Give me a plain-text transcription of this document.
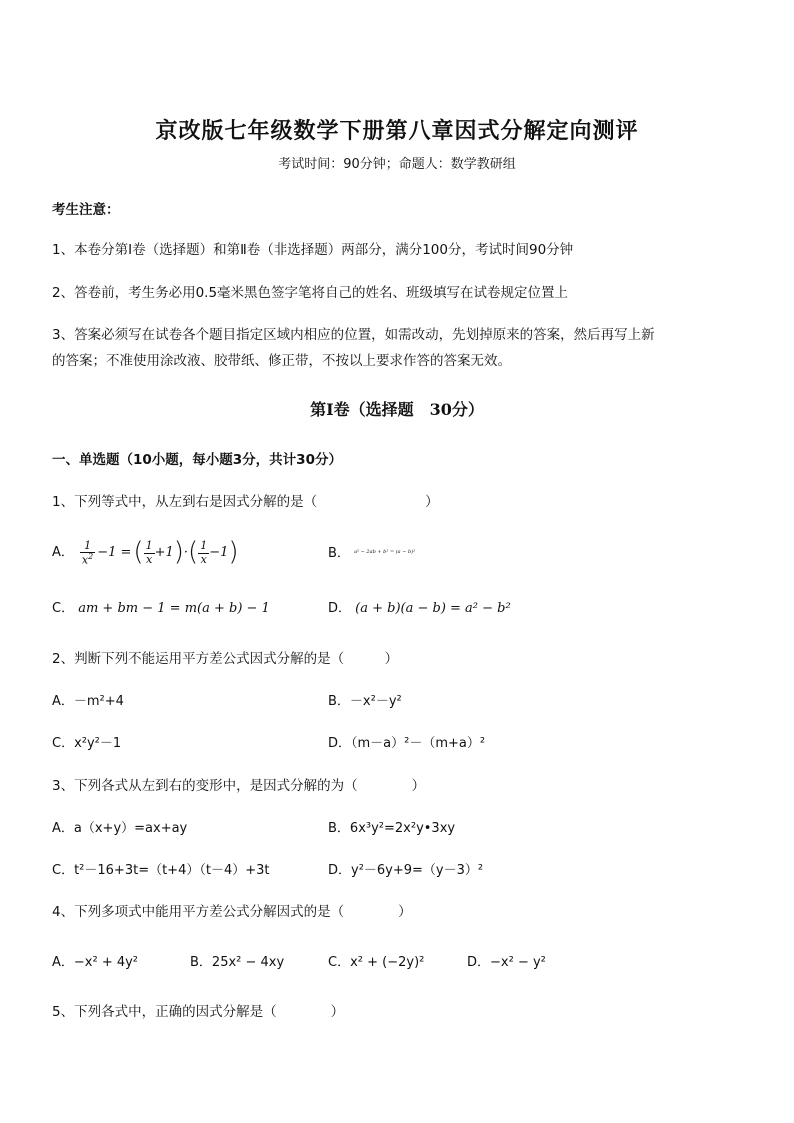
京改版七年级数学下册第八章因式分解定向测评
考试时间：90分钟；命题人：数学教研组
考生注意：
1、本卷分第Ⅰ卷（选择题）和第Ⅱ卷（非选择题）两部分，满分100分，考试时间90分钟
2、答卷前，考生务必用0.5毫米黑色签字笔将自己的姓名、班级填写在试卷规定位置上
3、答案必须写在试卷各个题目指定区域内相应的位置，如需改动，先划掉原来的答案，然后再写上新
的答案；不准使用涂改液、胶带纸、修正带，不按以上要求作答的答案无效。
第Ⅰ卷（选择题　30分）
一、单选题（10小题，每小题3分，共计30分）
1、下列等式中，从左到右是因式分解的是（　　　　　　　　）
A． $\frac{1}{x^2} -1$ = ( $\frac{1}{x} +1$ ) · ( $\frac{1}{x} -1$ )	B． $^{a^2 - 2ab + b^2 = (a - b)^2}$
C． am + bm − 1 = m(a + b) − 1	D． (a + b)(a − b) = a² − b²
2、判断下列不能运用平方差公式因式分解的是（　　　）
A．－m²+4	B．－x²－y²
C．x²y²－1	D．（m－a）²－（m+a）²
3、下列各式从左到右的变形中，是因式分解的为（　　　　）
A．a（x+y）=ax+ay	B．6x³y²=2x²y•3xy
C．t²－16+3t=（t+4）（t－4）+3t	D．y²－6y+9=（y－3）²
4、下列多项式中能用平方差公式分解因式的是（　　　　）
A．−x² + 4y²	B．25x² − 4xy	C．x² + (−2y)²	D．−x² − y²
5、下列各式中，正确的因式分解是（　　　　）
